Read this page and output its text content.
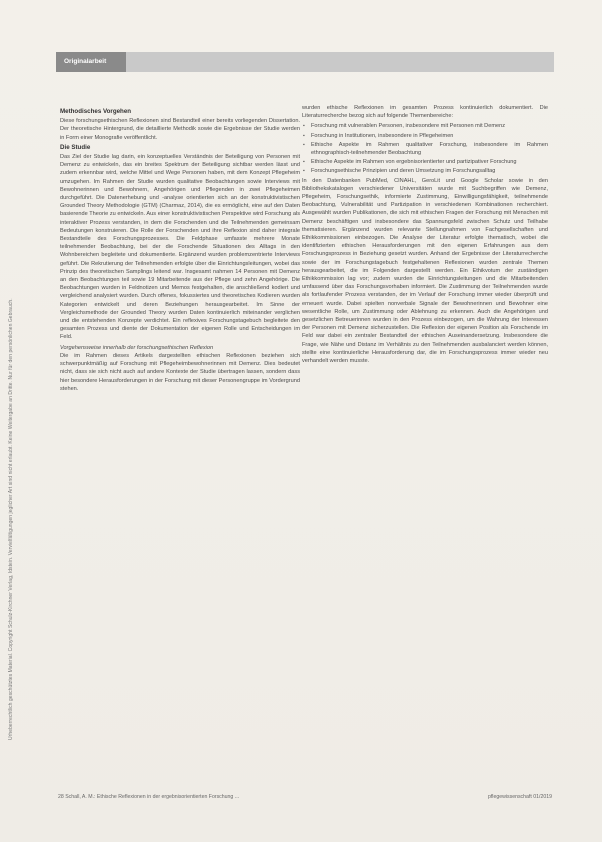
Urheberrechtlich geschütztes Material. Copyright Schulz-Kirchner Verlag, Idstein. Vervielfältigungen jeglicher Art sind nicht erlaubt. Keine Weitergabe an Dritte. Nur für den persönlichen Gebrauch.
Originalarbeit
Methodisches Vorgehen

Diese forschungsethischen Reflexionen sind Bestandteil einer bereits vorliegenden Dissertation. Der theoretische Hintergrund, die detaillierte Methodik sowie die Ergebnisse der Studie werden in Form einer Monografie veröffentlicht.

Die Studie

Das Ziel der Studie lag darin, ein konzeptuelles Verständnis der Beteiligung von Personen mit Demenz zu entwickeln, das ein breites Spektrum der Beteiligung sichtbar werden lässt und zudem erkennbar wird, welche Mittel und Wege Personen haben, mit dem Konzept Pflegeheim umzugehen. Im Rahmen der Studie wurden qualitative Beobachtungen sowie Interviews mit Bewohnerinnen und Bewohnern, Angehörigen und Pflegenden in zwei Pflegeheimen durchgeführt. Die Datenerhebung und -analyse orientierten sich an der konstruktivistischen Grounded Theory Methodologie (GTM) (Charmaz, 2014), die es ermöglicht, eine auf den Daten basierende Theorie zu entwickeln. Aus einer konstruktivistischen Perspektive wird Forschung als interaktiver Prozess verstanden, in dem die Forschenden und die Teilnehmenden gemeinsam Bedeutungen konstruieren. Die Rolle der Forschenden und ihre Reflexion sind daher integrale Bestandteile des Forschungsprozesses. Die Feldphase umfasste mehrere Monate teilnehmender Beobachtung, bei der die Forschende Situationen des Alltags in den Wohnbereichen begleitete und dokumentierte. Ergänzend wurden problemzentrierte Interviews geführt. Die Rekrutierung der Teilnehmenden erfolgte über die Einrichtungsleitungen, wobei das Prinzip des theoretischen Samplings leitend war. Insgesamt nahmen 14 Personen mit Demenz an den Beobachtungen teil sowie 19 Mitarbeitende aus der Pflege und zehn Angehörige. Die Beobachtungen wurden in Feldnotizen und Memos festgehalten, die anschließend kodiert und vergleichend analysiert wurden. Durch offenes, fokussiertes und theoretisches Kodieren wurden Kategorien entwickelt und deren Beziehungen herausgearbeitet. Im Sinne der Vergleichsmethode der Grounded Theory wurden Daten kontinuierlich miteinander verglichen und die entstehenden Konzepte verdichtet. Ein reflexives Forschungstagebuch begleitete den gesamten Prozess und diente der Dokumentation der eigenen Rolle und Entscheidungen im Feld.

Vorgehensweise innerhalb der forschungsethischen Reflexion

Die im Rahmen dieses Artikels dargestellten ethischen Reflexionen beziehen sich schwerpunktmäßig auf Forschung mit Pflegeheimbewohnerinnen mit Demenz. Dies bedeutet nicht, dass sie sich nicht auch auf andere Kontexte der Studie übertragen lassen, sondern dass hier besondere Herausforderungen in der Forschung mit dieser Personengruppe im Vordergrund stehen.

wurden ethische Reflexionen im gesamten Prozess kontinuierlich dokumentiert. Die Literaturrecherche bezog sich auf folgende Themenbereiche:

▪ Forschung mit vulnerablen Personen, insbesondere mit Personen mit Demenz
▪ Forschung in Institutionen, insbesondere in Pflegeheimen
▪ Ethische Aspekte im Rahmen qualitativer Forschung, insbesondere im Rahmen ethnographisch-teilnehmender Beobachtung
▪ Ethische Aspekte im Rahmen von ergebnisorientierter und partizipativer Forschung
▪ Forschungsethische Prinzipien und deren Umsetzung im Forschungsalltag

In den Datenbanken PubMed, CINAHL, GeroLit und Google Scholar sowie in den Bibliothekskatalogen verschiedener Universitäten wurde mit Suchbegriffen wie Demenz, Pflegeheim, Forschungsethik, informierte Zustimmung, Einwilligungsfähigkeit, teilnehmende Beobachtung, Vulnerabilität und Partizipation in verschiedenen Kombinationen recherchiert. Ausgewählt wurden Publikationen, die sich mit ethischen Fragen der Forschung mit Menschen mit Demenz beschäftigen und insbesondere das Spannungsfeld zwischen Schutz und Teilhabe thematisieren. Ergänzend wurden relevante Stellungnahmen von Fachgesellschaften und Ethikkommissionen einbezogen. Die Analyse der Literatur erfolgte thematisch, wobei die identifizierten ethischen Herausforderungen mit den eigenen Erfahrungen aus dem Forschungsprozess in Beziehung gesetzt wurden. Anhand der Ergebnisse der Literaturrecherche sowie der im Forschungstagebuch festgehaltenen Reflexionen wurden zentrale Themen herausgearbeitet, die im Folgenden dargestellt werden. Ein Ethikvotum der zuständigen Ethikkommission lag vor; zudem wurden die Einrichtungsleitungen und die Mitarbeitenden umfassend über das Forschungsvorhaben informiert. Die Zustimmung der Teilnehmenden wurde als fortlaufender Prozess verstanden, der im Verlauf der Forschung immer wieder überprüft und erneuert wurde. Dabei spielten nonverbale Signale der Bewohnerinnen und Bewohner eine wesentliche Rolle, um Zustimmung oder Ablehnung zu erkennen. Auch die Angehörigen und gesetzlichen Betreuerinnen wurden in den Prozess einbezogen, um die Wahrung der Interessen der Personen mit Demenz sicherzustellen. Die Reflexion der eigenen Position als Forschende im Feld war dabei ein zentraler Bestandteil der ethischen Auseinandersetzung. Insbesondere die Frage, wie Nähe und Distanz im Verhältnis zu den Teilnehmenden ausbalanciert werden können, stellte eine kontinuierliche Herausforderung dar, die im Forschungsprozess immer wieder neu verhandelt werden musste.

28 Schall, A. M.: Ethische Reflexionen in der ergebnisorientierten Forschung ...	pflegewissenschaft 01/2019
